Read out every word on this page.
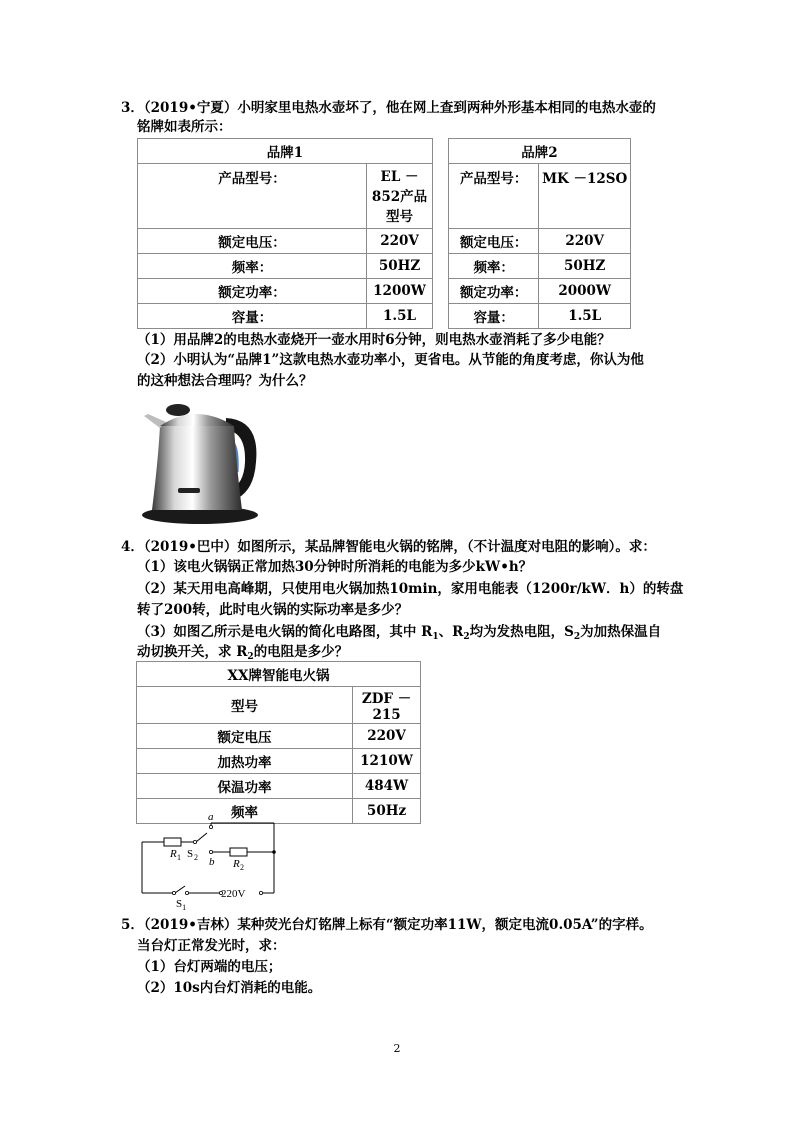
3．（2019•宁夏）小明家里电热水壶坏了，他在网上查到两种外形基本相同的电热水壶的
铭牌如表所示：
品牌1	
产品型号：	EL －852产品型号
额定电压：	220V
频率：	50HZ
额定功率：	1200W
容量：	1.5L
品牌2	
产品型号：	MK －12SO
额定电压：	220V
频率：	50HZ
额定功率：	2000W
容量：	1.5L
（1）用品牌2的电热水壶烧开一壶水用时6分钟，则电热水壶消耗了多少电能？
（2）小明认为“品牌1”这款电热水壶功率小，更省电。从节能的角度考虑，你认为他
的这种想法合理吗？为什么？
4．（2019•巴中）如图所示，某品牌智能电火锅的铭牌，（不计温度对电阻的影响）。求：
（1）该电火锅锅正常加热30分钟时所消耗的电能为多少kW•h？
（2）某天用电高峰期，只使用电火锅加热10min，家用电能表（1200r/kW．h）的转盘
转了200转，此时电火锅的实际功率是多少？
（3）如图乙所示是电火锅的简化电路图，其中 $R_1$、$R_2$均为发热电阻，$S_2$为加热保温自
动切换开关，求 $R_2$的电阻是多少？
XX牌智能电火锅	
型号	ZDF －215
额定电压	220V
加热功率	1210W
保温功率	484W
频率	50Hz
a
b
R 1
R 2
S 2
220V
$S_1$
5．（2019•吉林）某种荧光台灯铭牌上标有“额定功率11W，额定电流0.05A”的字样。
当台灯正常发光时，求：
（1）台灯两端的电压；
（2）10s内台灯消耗的电能。
2
